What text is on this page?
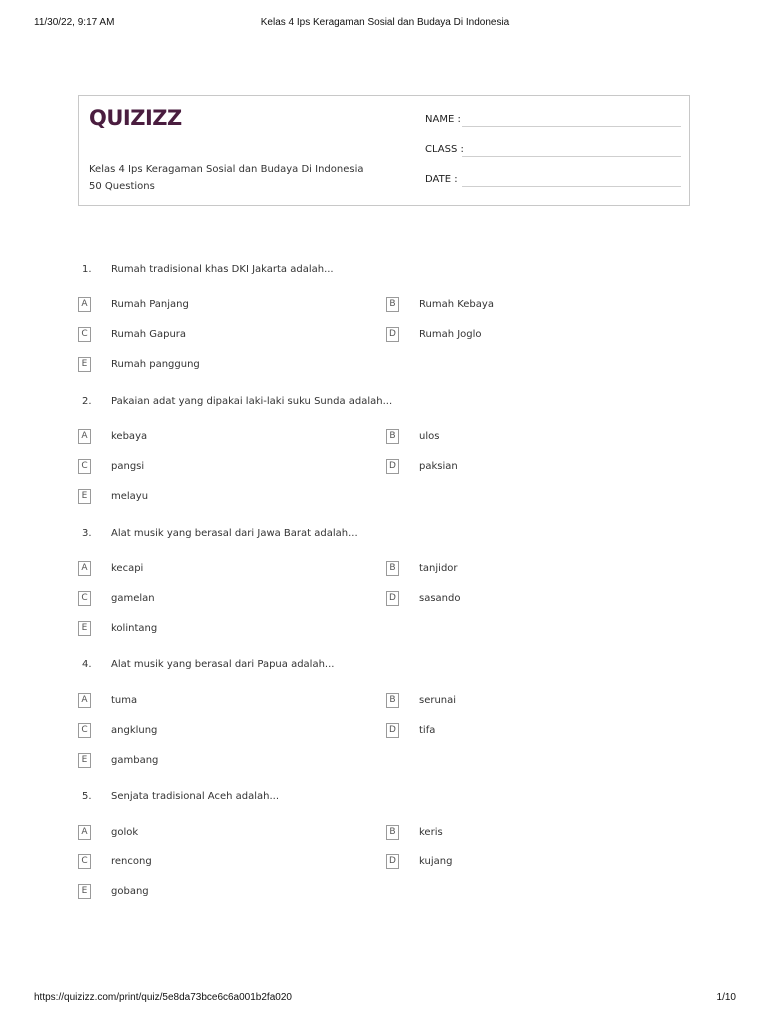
11/30/22, 9:17 AM	Kelas 4 Ips Keragaman Sosial dan Budaya Di Indonesia
QUIZIZZ
Kelas 4 Ips Keragaman Sosial dan Budaya Di Indonesia
50 Questions
NAME :
CLASS :
DATE :
1. Rumah tradisional khas DKI Jakarta adalah...
A	Rumah Panjang	B	Rumah Kebaya
C	Rumah Gapura	D	Rumah Joglo
E	Rumah panggung
2. Pakaian adat yang dipakai laki-laki suku Sunda adalah...
A	kebaya	B	ulos
C	pangsi	D	paksian
E	melayu
3. Alat musik yang berasal dari Jawa Barat adalah...
A	kecapi	B	tanjidor
C	gamelan	D	sasando
E	kolintang
4. Alat musik yang berasal dari Papua adalah...
A	tuma	B	serunai
C	angklung	D	tifa
E	gambang
5. Senjata tradisional Aceh adalah...
A	golok	B	keris
C	rencong	D	kujang
E	gobang
https://quizizz.com/print/quiz/5e8da73bce6c6a001b2fa020	1/10
